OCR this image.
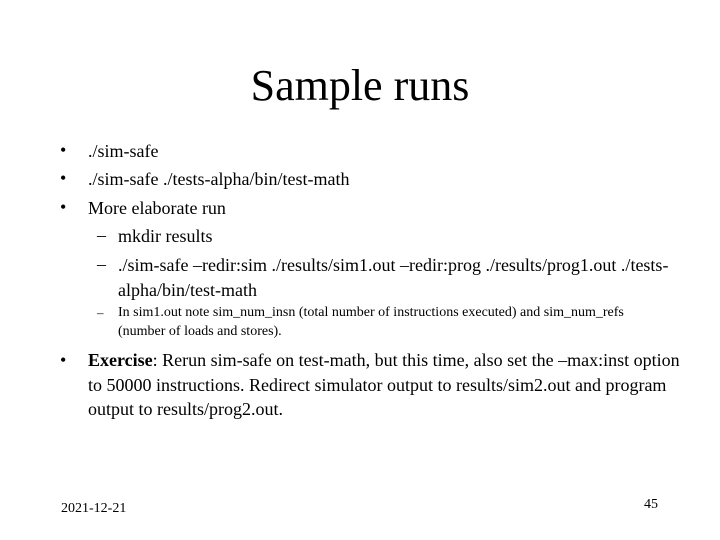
Sample runs
• ./sim-safe

• ./sim-safe ./tests-alpha/bin/test-math

• More elaborate run

– mkdir results

– ./sim-safe –redir:sim ./results/sim1.out –redir:prog ./results/prog1.out ./tests-alpha/bin/test-math

– In sim1.out note sim_num_insn (total number of instructions executed) and sim_num_refs (number of loads and stores).

• Exercise: Rerun sim-safe on test-math, but this time, also set the –max:inst option to 50000 instructions. Redirect simulator output to results/sim2.out and program output to results/prog2.out.

2021-12-21	45
